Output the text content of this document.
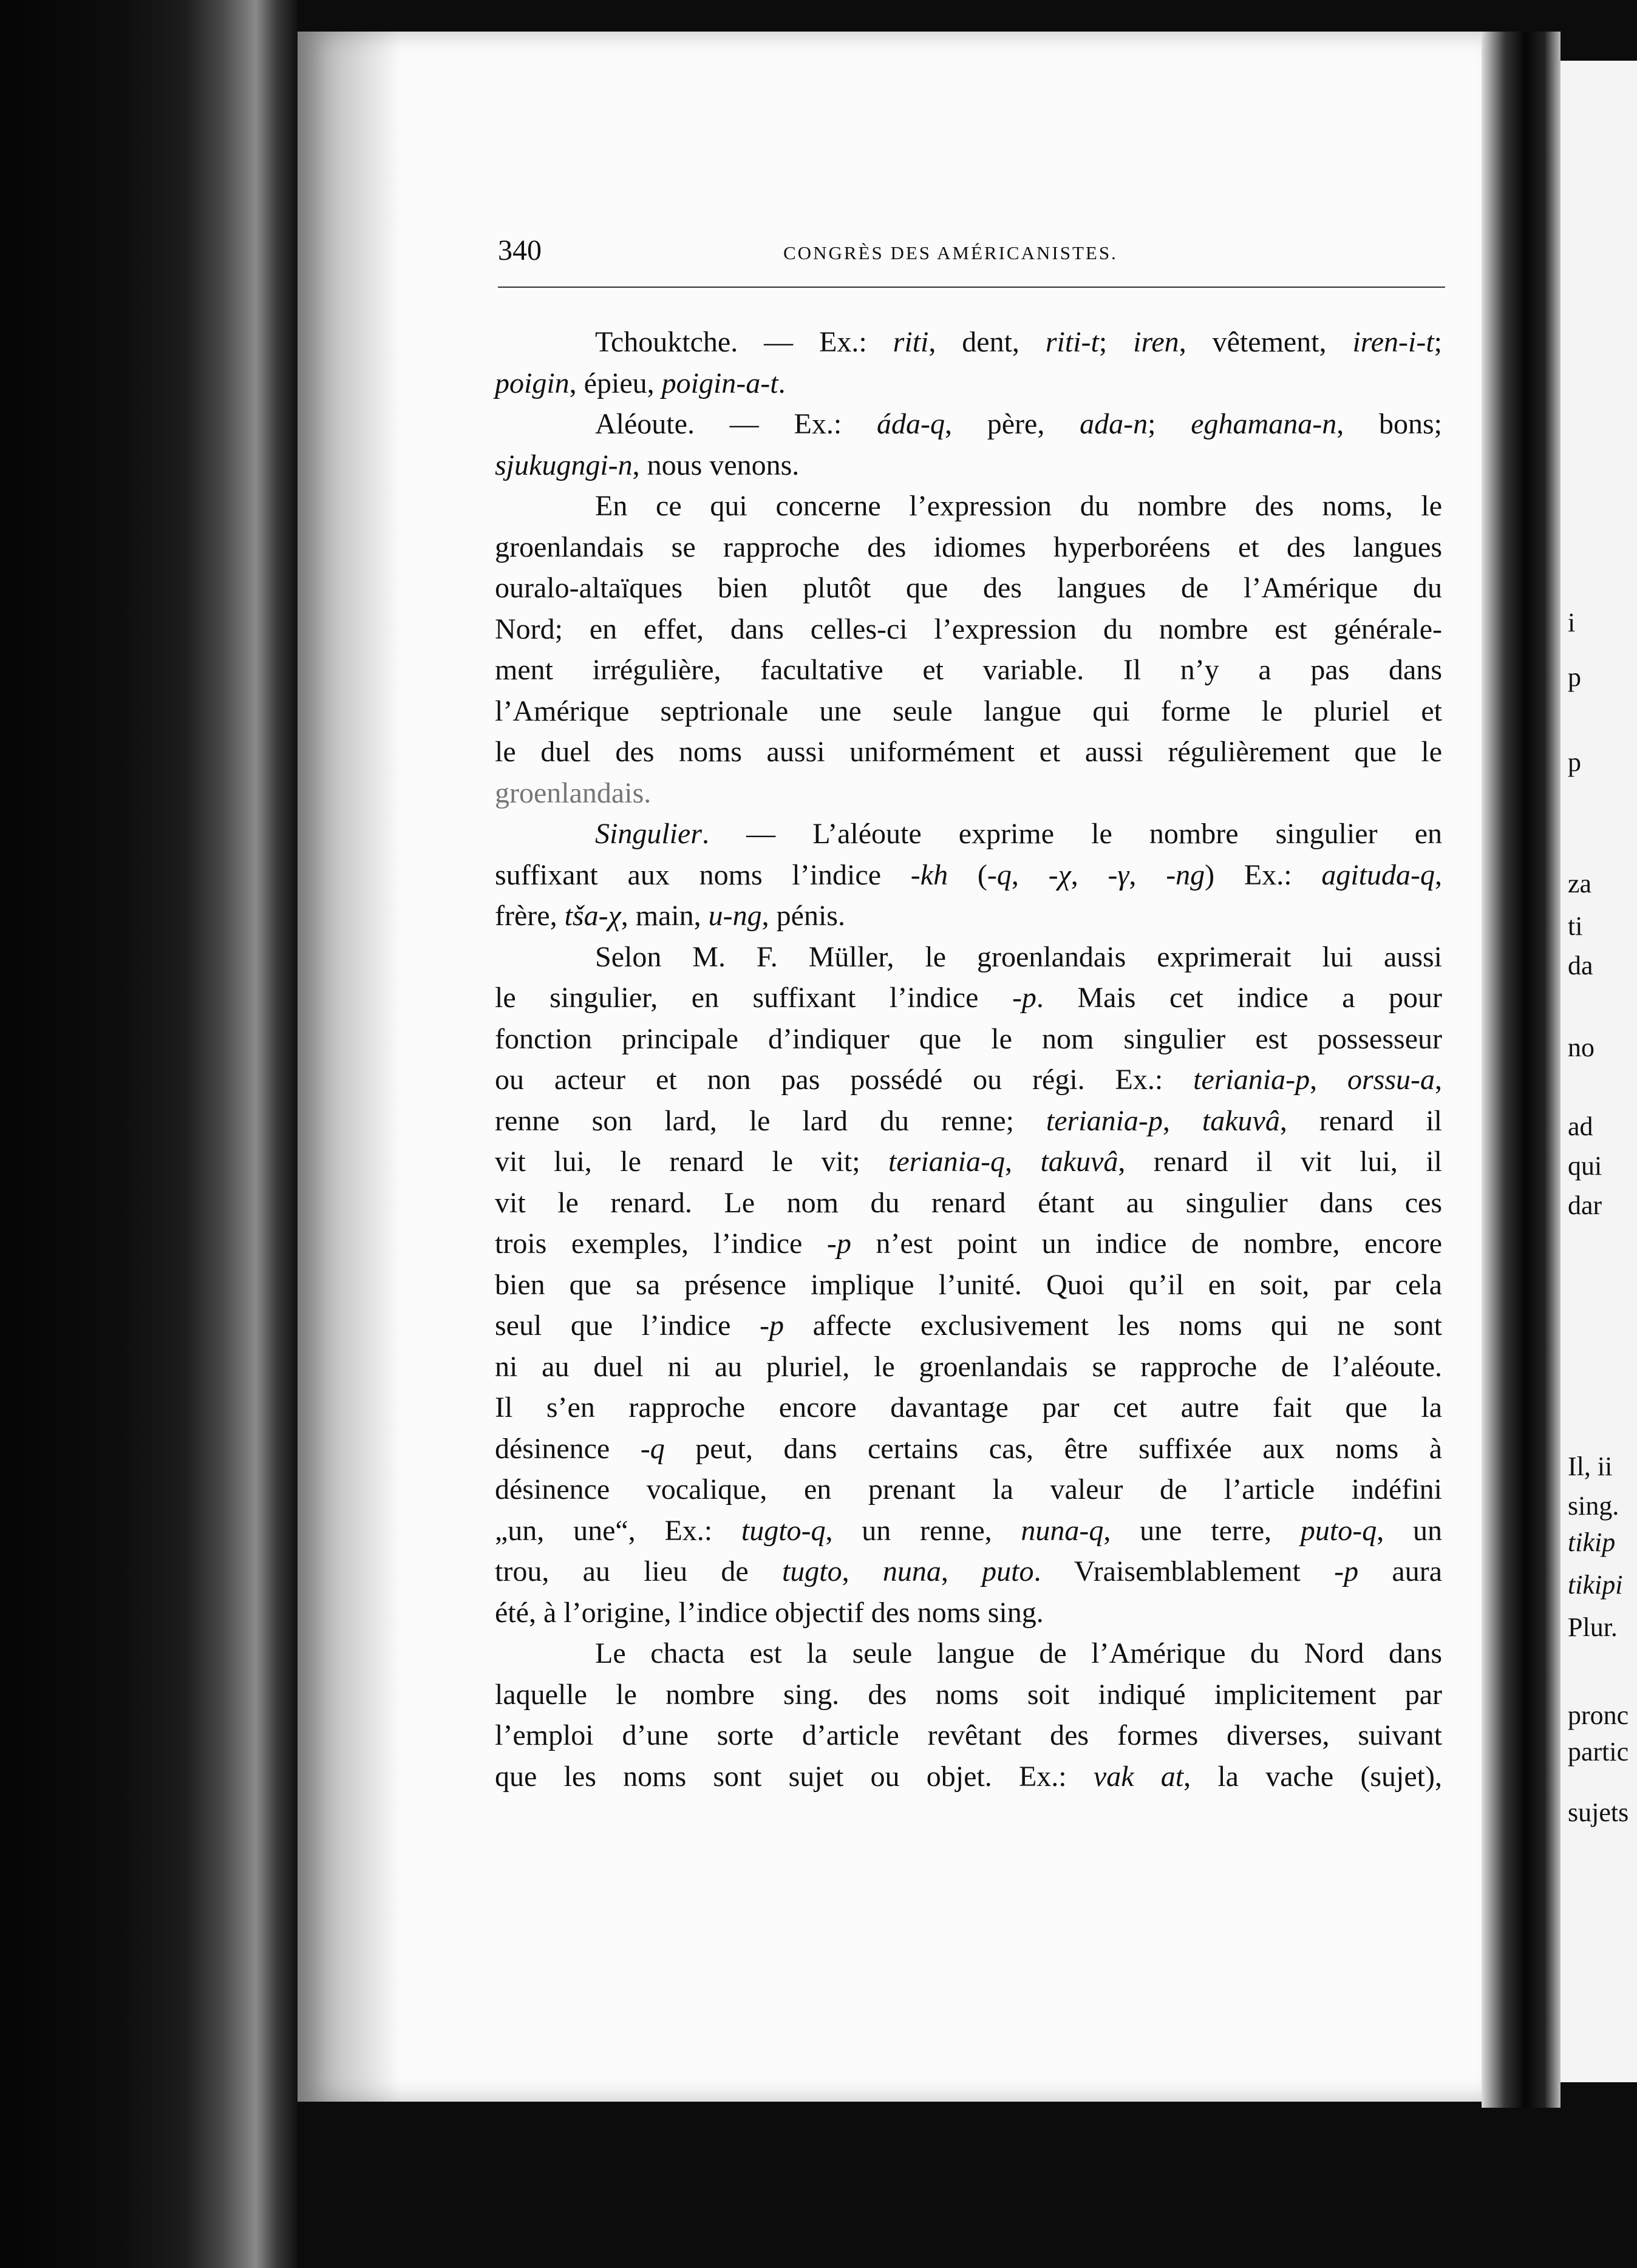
i
p
p
za
ti
da
no
ad
qui
dar
Il, ii
sing.
tikip
tikipi
Plur.
pronc
partic
sujets
340	CONGRÈS DES AMÉRICANISTES.
Tchouktche. — Ex.: riti, dent, riti-t; iren, vêtement, iren-i-t;
poigin, épieu, poigin-a-t.
Aléoute. — Ex.: áda-q, père, ada-n; eghamana-n, bons;
sjukugngi-n, nous venons.
En ce qui concerne l’expression du nombre des noms, le
groenlandais se rapproche des idiomes hyperboréens et des langues
ouralo-altaïques bien plutôt que des langues de l’Amérique du
Nord; en effet, dans celles-ci l’expression du nombre est générale-
ment irrégulière, facultative et variable. Il n’y a pas dans
l’Amérique septrionale une seule langue qui forme le pluriel et
le duel des noms aussi uniformément et aussi régulièrement que le
groenlandais.
Singulier. — L’aléoute exprime le nombre singulier en
suffixant aux noms l’indice -kh (-q, -χ, -γ, -ng) Ex.: agituda-q,
frère, tša-χ, main, u-ng, pénis.
Selon M. F. Müller, le groenlandais exprimerait lui aussi
le singulier, en suffixant l’indice -p. Mais cet indice a pour
fonction principale d’indiquer que le nom singulier est possesseur
ou acteur et non pas possédé ou régi. Ex.: teriania-p, orssu-a,
renne son lard, le lard du renne; teriania-p, takuvâ, renard il
vit lui, le renard le vit; teriania-q, takuvâ, renard il vit lui, il
vit le renard. Le nom du renard étant au singulier dans ces
trois exemples, l’indice -p n’est point un indice de nombre, encore
bien que sa présence implique l’unité. Quoi qu’il en soit, par cela
seul que l’indice -p affecte exclusivement les noms qui ne sont
ni au duel ni au pluriel, le groenlandais se rapproche de l’aléoute.
Il s’en rapproche encore davantage par cet autre fait que la
désinence -q peut, dans certains cas, être suffixée aux noms à
désinence vocalique, en prenant la valeur de l’article indéfini
„un, une“, Ex.: tugto-q, un renne, nuna-q, une terre, puto-q, un
trou, au lieu de tugto, nuna, puto. Vraisemblablement -p aura
été, à l’origine, l’indice objectif des noms sing.
Le chacta est la seule langue de l’Amérique du Nord dans
laquelle le nombre sing. des noms soit indiqué implicitement par
l’emploi d’une sorte d’article revêtant des formes diverses, suivant
que les noms sont sujet ou objet. Ex.: vak at, la vache (sujet),
